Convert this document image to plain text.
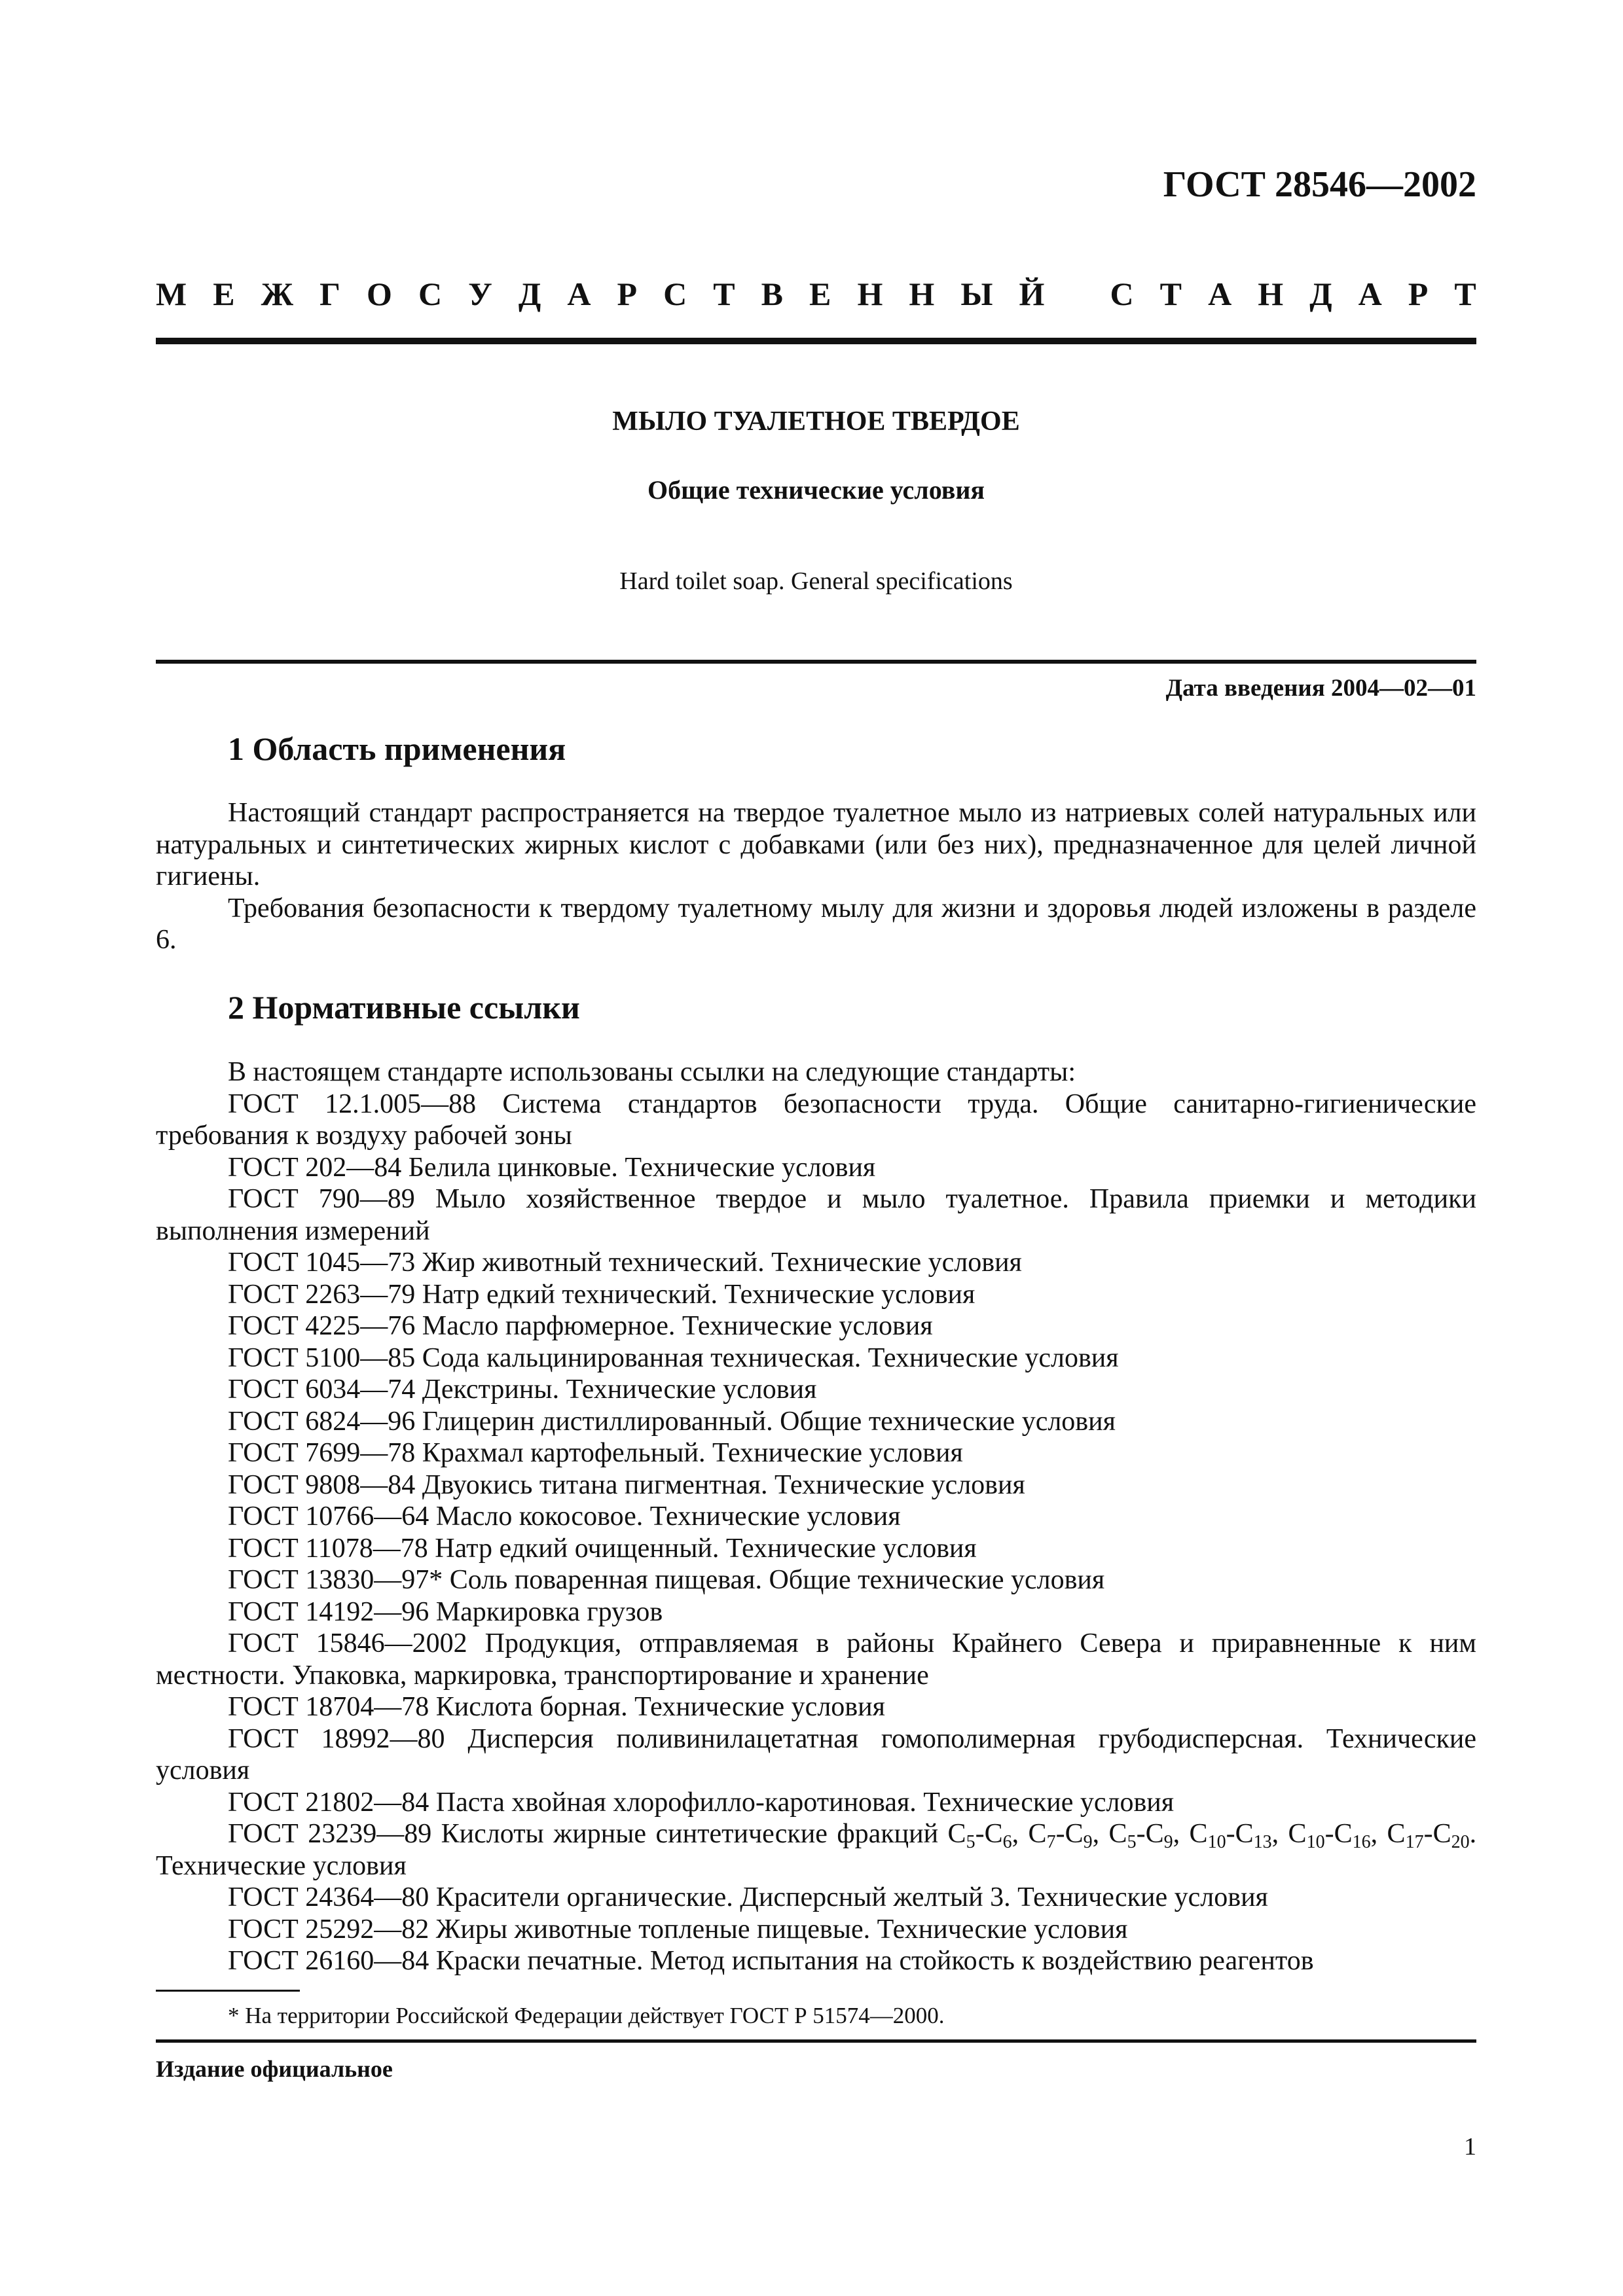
ГОСТ 28546—2002
М Е Ж Г О С У Д А Р С Т В Е Н Н Ы Й С Т А Н Д А Р Т
МЫЛО ТУАЛЕТНОЕ ТВЕРДОЕ
Общие технические условия
Hard toilet soap. General specifications
Дата введения 2004—02—01
1 Область применения

Настоящий стандарт распространяется на твердое туалетное мыло из натриевых солей натуральных или натуральных и синтетических жирных кислот с добавками (или без них), предназначенное для целей личной гигиены.

Требования безопасности к твердому туалетному мылу для жизни и здоровья людей изложены в разделе 6.

2 Нормативные ссылки

В настоящем стандарте использованы ссылки на следующие стандарты:

ГОСТ 12.1.005—88 Система стандартов безопасности труда. Общие санитарно-гигиенические требования к воздуху рабочей зоны

ГОСТ 202—84 Белила цинковые. Технические условия

ГОСТ 790—89 Мыло хозяйственное твердое и мыло туалетное. Правила приемки и методики выполнения измерений

ГОСТ 1045—73 Жир животный технический. Технические условия

ГОСТ 2263—79 Натр едкий технический. Технические условия

ГОСТ 4225—76 Масло парфюмерное. Технические условия

ГОСТ 5100—85 Сода кальцинированная техническая. Технические условия

ГОСТ 6034—74 Декстрины. Технические условия

ГОСТ 6824—96 Глицерин дистиллированный. Общие технические условия

ГОСТ 7699—78 Крахмал картофельный. Технические условия

ГОСТ 9808—84 Двуокись титана пигментная. Технические условия

ГОСТ 10766—64 Масло кокосовое. Технические условия

ГОСТ 11078—78 Натр едкий очищенный. Технические условия

ГОСТ 13830—97* Соль поваренная пищевая. Общие технические условия

ГОСТ 14192—96 Маркировка грузов

ГОСТ 15846—2002 Продукция, отправляемая в районы Крайнего Севера и приравненные к ним местности. Упаковка, маркировка, транспортирование и хранение

ГОСТ 18704—78 Кислота борная. Технические условия

ГОСТ 18992—80 Дисперсия поливинилацетатная гомополимерная грубодисперсная. Технические условия

ГОСТ 21802—84 Паста хвойная хлорофилло-каротиновая. Технические условия

ГОСТ 23239—89 Кислоты жирные синтетические фракций $С_5-С_6$, $С_7-С_9$, $С_5-С_9$, $С_{10}-С_{13}$, $С_{10}-С_{16}$, $С_{17}-С_{20}$. Технические условия

ГОСТ 24364—80 Красители органические. Дисперсный желтый 3. Технические условия

ГОСТ 25292—82 Жиры животные топленые пищевые. Технические условия

ГОСТ 26160—84 Краски печатные. Метод испытания на стойкость к воздействию реагентов

* На территории Российской Федерации действует ГОСТ Р 51574—2000.
Издание официальное
1
